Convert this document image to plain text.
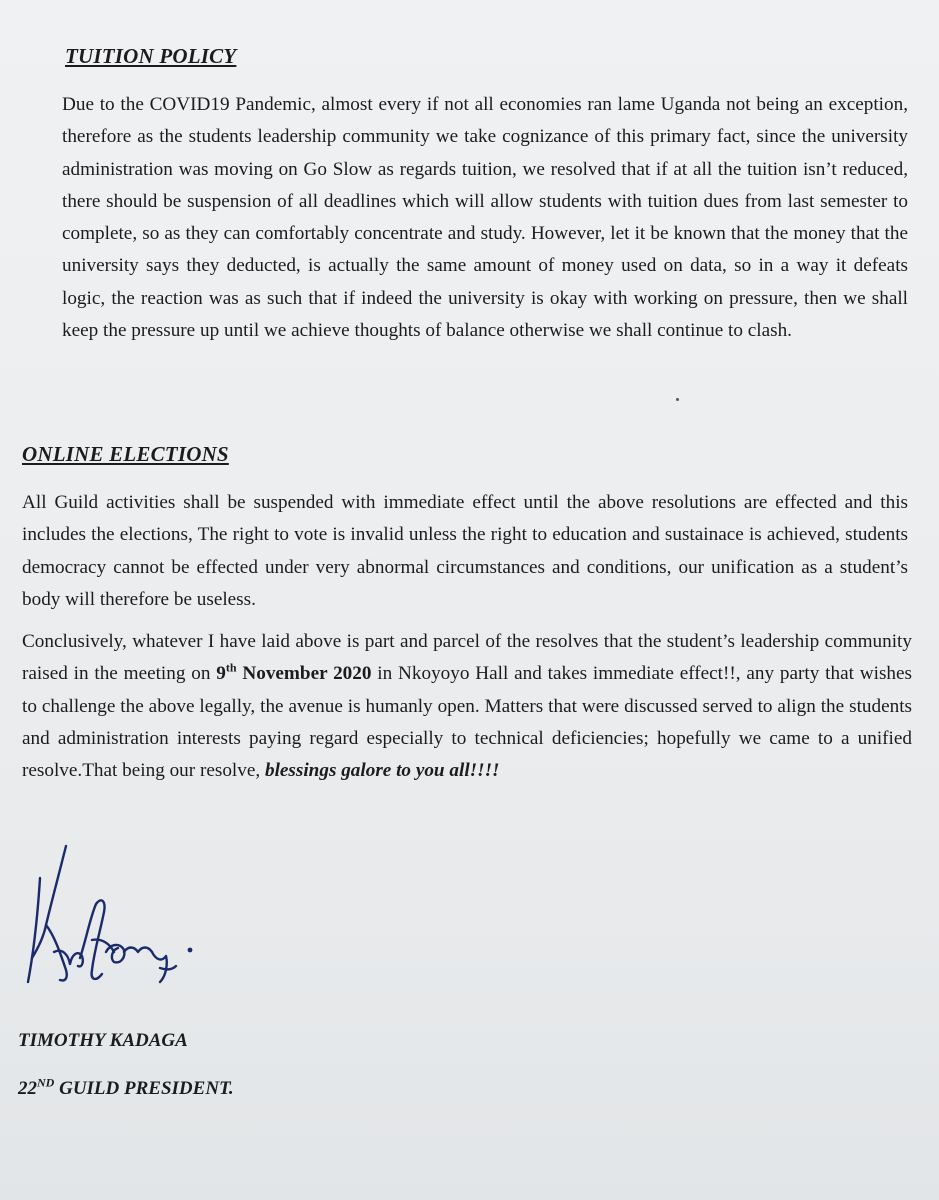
TUITION POLICY

Due to the COVID19 Pandemic, almost every if not all economies ran lame Uganda not being an exception, therefore as the students leadership community we take cognizance of this primary fact, since the university administration was moving on Go Slow as regards tuition, we resolved that if at all the tuition isn’t reduced, there should be suspension of all deadlines which will allow students with tuition dues from last semester to complete, so as they can comfortably concentrate and study. However, let it be known that the money that the university says they deducted, is actually the same amount of money used on data, so in a way it defeats logic, the reaction was as such that if indeed the university is okay with working on pressure, then we shall keep the pressure up until we achieve thoughts of balance otherwise we shall continue to clash.

ONLINE ELECTIONS

All Guild activities shall be suspended with immediate effect until the above resolutions are effected and this includes the elections, The right to vote is invalid unless the right to education and sustainace is achieved, students democracy cannot be effected under very abnormal circumstances and conditions, our unification as a student’s body will therefore be useless.

Conclusively, whatever I have laid above is part and parcel of the resolves that the student’s leadership community raised in the meeting on 9th November 2020 in Nkoyoyo Hall and takes immediate effect!!, any party that wishes to challenge the above legally, the avenue is humanly open. Matters that were discussed served to align the students and administration interests paying regard especially to technical deficiencies; hopefully we came to a unified resolve.That being our resolve, blessings galore to you all!!!!

TIMOTHY KADAGA
22ND GUILD PRESIDENT.
